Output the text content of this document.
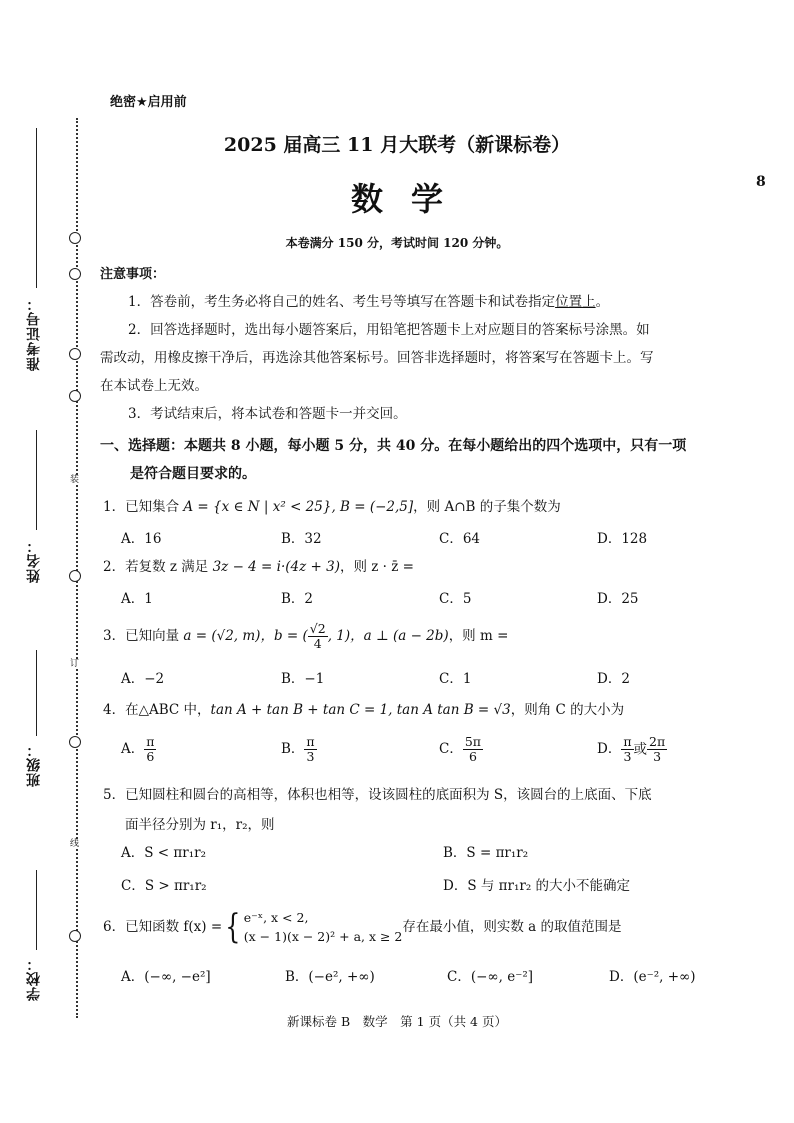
装
订
线
准考证号：
姓名：
班级：
学校：
绝密★启用前
2025 届高三 11 月大联考（新课标卷）
8
数学
本卷满分 150 分，考试时间 120 分钟。
注意事项：
1．答卷前，考生务必将自己的姓名、考生号等填写在答题卡和试卷指定位置上。
2．回答选择题时，选出每小题答案后，用铅笔把答题卡上对应题目的答案标号涂黑。如
需改动，用橡皮擦干净后，再选涂其他答案标号。回答非选择题时，将答案写在答题卡上。写
在本试卷上无效。
3．考试结束后，将本试卷和答题卡一并交回。
一、选择题：本题共 8 小题，每小题 5 分，共 40 分。在每小题给出的四个选项中，只有一项
是符合题目要求的。
1．已知集合 A = {x ∈ N | x² < 25}, B = (−2,5]，则 A∩B 的子集个数为
A．16	B．32	C．64	D．128
2．若复数 z 满足 3z − 4 = i·(4z + 3)，则 z · z̄ =
A．1	B．2	C．5	D．25
3．已知向量 a = (√2, m)，b = ( $\frac{√2}{4}$ , 1)，a ⊥ (a − 2b)，则 m =
A．−2	B．−1	C．1	D．2
4．在△ABC 中，tan A + tan B + tan C = 1, tan A tan B = √3，则角 C 的大小为
A． $\frac{\pi}{6}$	B． $\frac{\pi}{3}$	C． $\frac{5\pi}{6}$	D． $\frac{\pi}{3}$ 或 $\frac{2\pi}{3}$
5．已知圆柱和圆台的高相等，体积也相等，设该圆柱的底面积为 S，该圆台的上底面、下底
面半径分别为 r₁，r₂，则
A．S < πr₁r₂	B．S = πr₁r₂
C．S > πr₁r₂	D．S 与 πr₁r₂ 的大小不能确定
6．已知函数 f(x) ={ e⁻ˣ, x < 2,
(x − 1)(x − 2)² + a, x ≥ 2
存在最小值，则实数 a 的取值范围是
A．(−∞, −e²]	B．(−e², +∞)	C．(−∞, e⁻²]	D．(e⁻², +∞)
新课标卷 B　数学　第 1 页（共 4 页）
